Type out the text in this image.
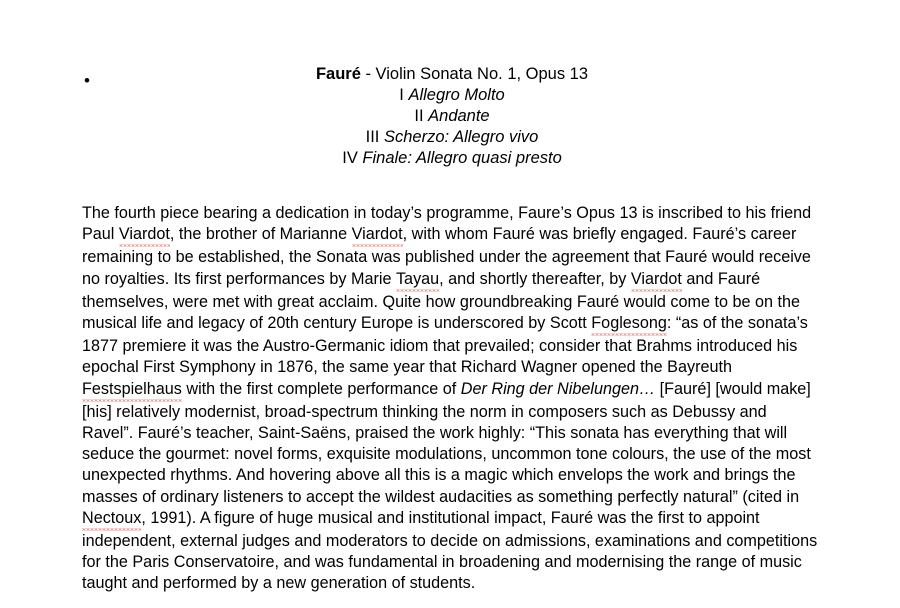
•	Fauré - Violin Sonata No. 1, Opus 13
I Allegro Molto
II Andante
III Scherzo: Allegro vivo
IV Finale: Allegro quasi presto
The fourth piece bearing a dedication in today’s programme, Faure’s Opus 13 is inscribed to his friend Paul Viardot, the brother of Marianne Viardot, with whom Fauré was briefly engaged. Fauré’s career remaining to be established, the Sonata was published under the agreement that Fauré would receive no royalties. Its first performances by Marie Tayau, and shortly thereafter, by Viardot and Fauré themselves, were met with great acclaim. Quite how groundbreaking Fauré would come to be on the musical life and legacy of 20th century Europe is underscored by Scott Foglesong: “as of the sonata’s 1877 premiere it was the Austro-Germanic idiom that prevailed; consider that Brahms introduced his epochal First Symphony in 1876, the same year that Richard Wagner opened the Bayreuth Festspielhaus with the first complete performance of Der Ring der Nibelungen… [Fauré] [would make] [his] relatively modernist, broad-spectrum thinking the norm in composers such as Debussy and Ravel”. Fauré’s teacher, Saint-Saëns, praised the work highly: “This sonata has everything that will seduce the gourmet: novel forms, exquisite modulations, uncommon tone colours, the use of the most unexpected rhythms. And hovering above all this is a magic which envelops the work and brings the masses of ordinary listeners to accept the wildest audacities as something perfectly natural” (cited in Nectoux, 1991). A figure of huge musical and institutional impact, Fauré was the first to appoint independent, external judges and moderators to decide on admissions, examinations and competitions for the Paris Conservatoire, and was fundamental in broadening and modernising the range of music taught and performed by a new generation of students.
